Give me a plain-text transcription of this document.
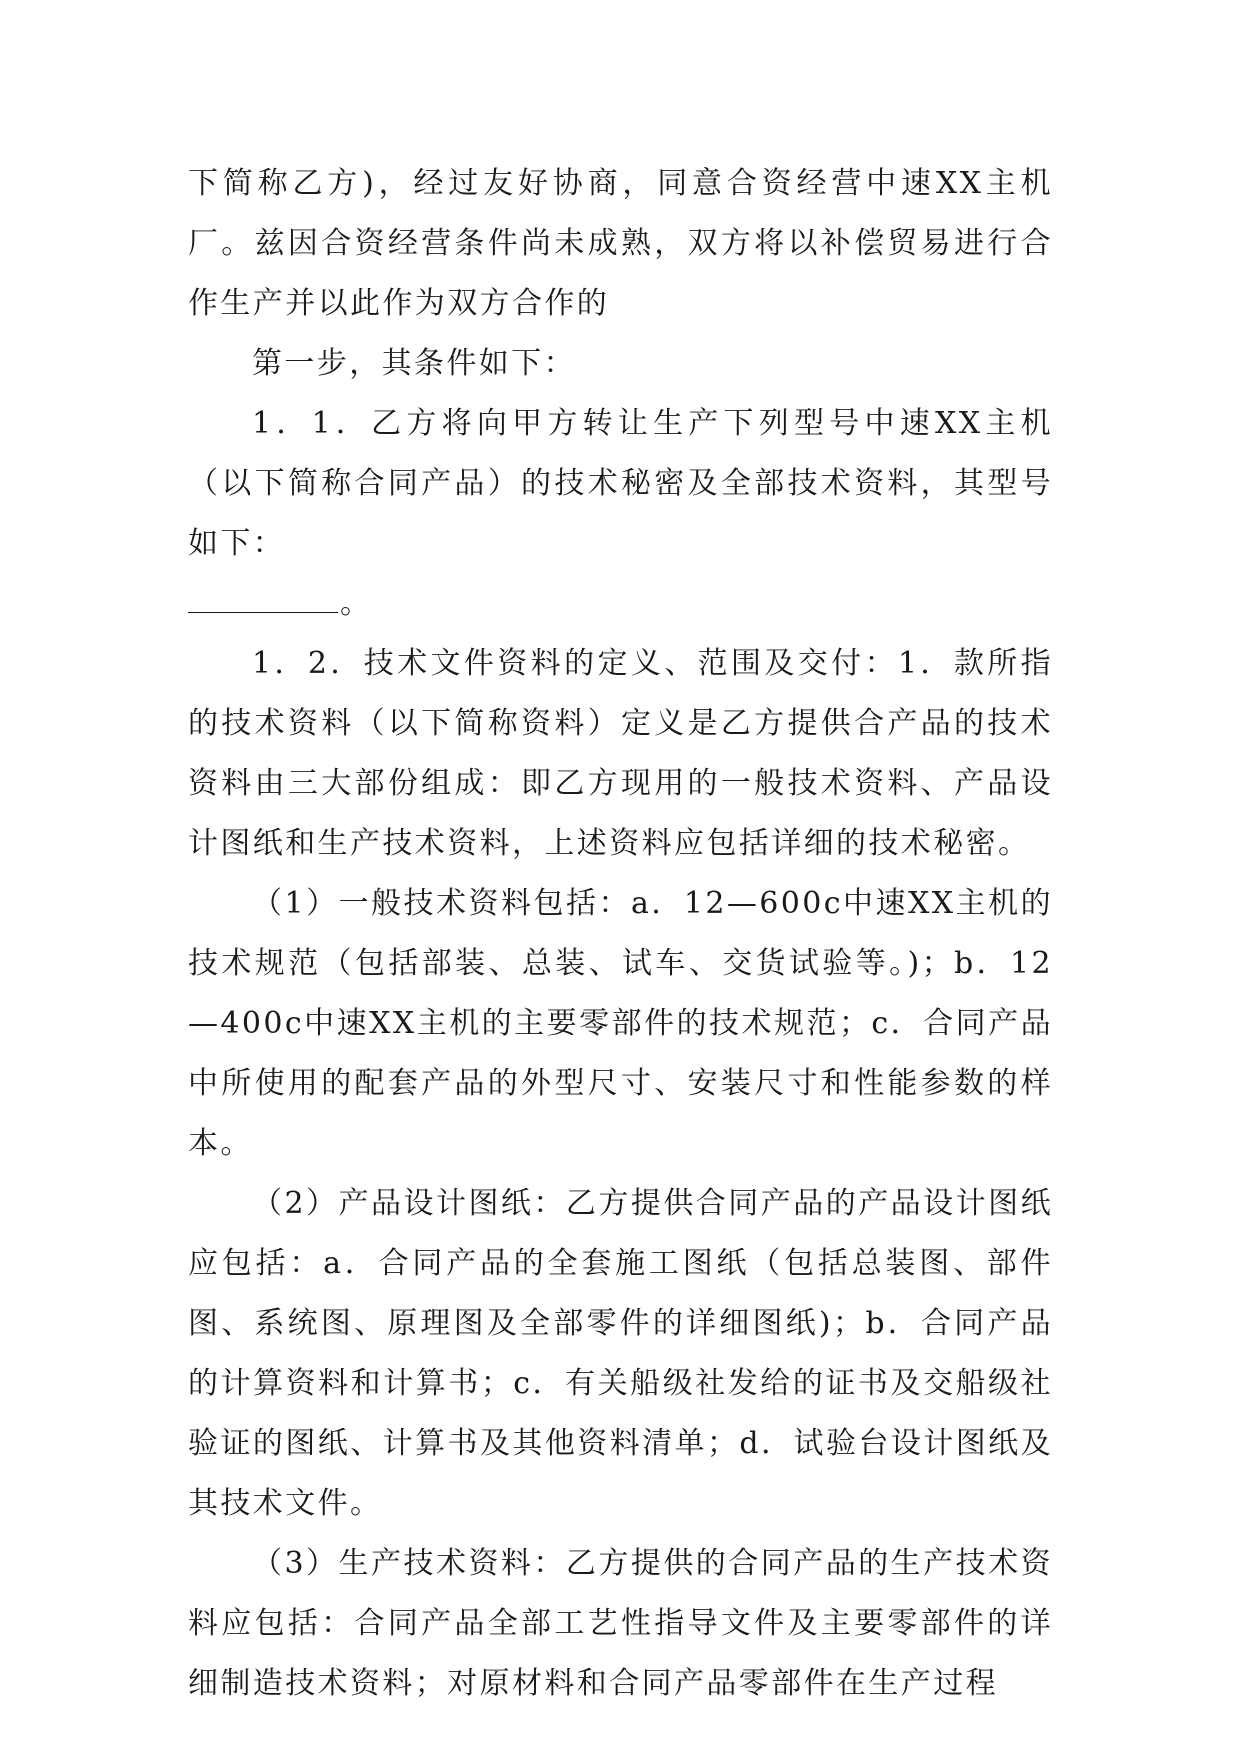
下简称乙方)，经过友好协商，同意合资经营中速XX主机厂。兹因合资经营条件尚未成熟，双方将以补偿贸易进行合作生产并以此作为双方合作的

第一步，其条件如下：

1．1．乙方将向甲方转让生产下列型号中速XX主机（以下简称合同产品）的技术秘密及全部技术资料，其型号如下：

。

1．2．技术文件资料的定义、范围及交付：1．款所指的技术资料（以下简称资料）定义是乙方提供合产品的技术资料由三大部份组成：即乙方现用的一般技术资料、产品设计图纸和生产技术资料，上述资料应包括详细的技术秘密。

（1）一般技术资料包括：a．12—600c中速XX主机的技术规范（包括部装、总装、试车、交货试验等。)；b．12—400c中速XX主机的主要零部件的技术规范；c．合同产品中所使用的配套产品的外型尺寸、安装尺寸和性能参数的样本。

（2）产品设计图纸：乙方提供合同产品的产品设计图纸应包括：a．合同产品的全套施工图纸（包括总装图、部件图、系统图、原理图及全部零件的详细图纸)；b．合同产品的计算资料和计算书；c．有关船级社发给的证书及交船级社验证的图纸、计算书及其他资料清单；d．试验台设计图纸及其技术文件。

（3）生产技术资料：乙方提供的合同产品的生产技术资料应包括：合同产品全部工艺性指导文件及主要零部件的详细制造技术资料；对原材料和合同产品零部件在生产过程
